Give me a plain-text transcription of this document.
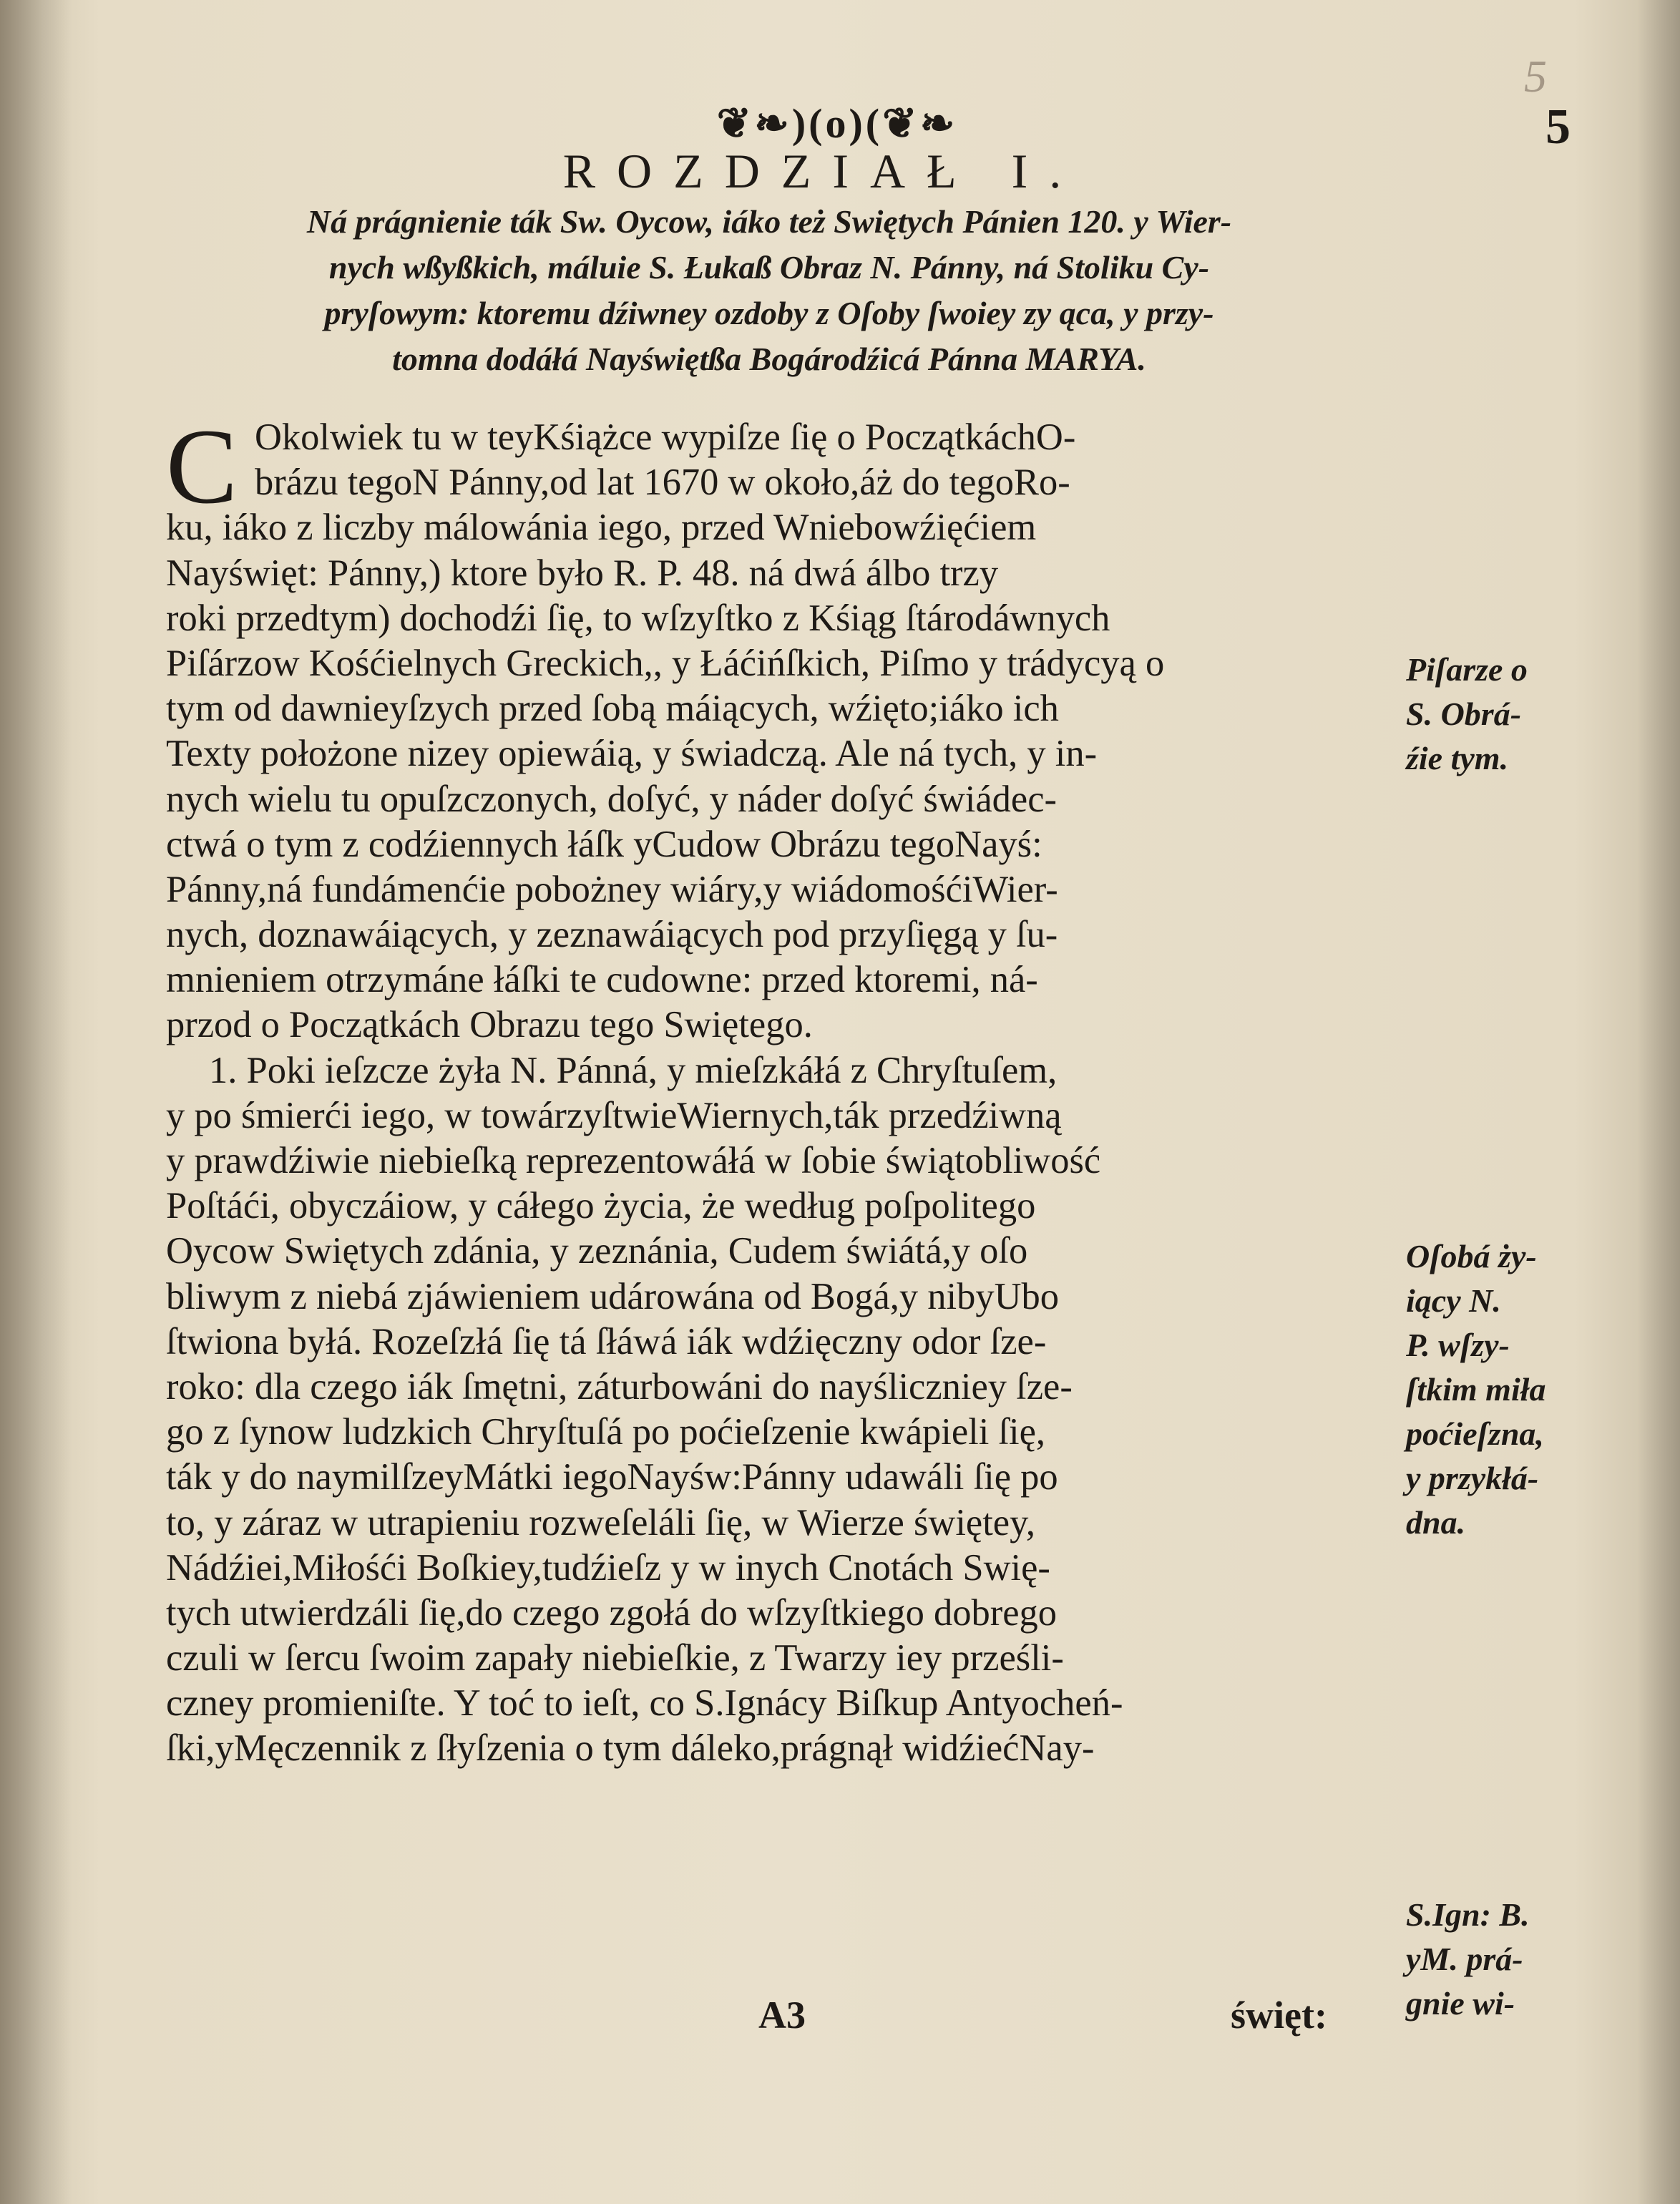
5
❦❧)(o)(❦❧	5
ROZDZIAŁ I.
Ná prágnienie ták Sw. Oycow, iáko też Swiętych Pánien 120. y Wier-
nych wßyßkich, máluie S. Łukaß Obraz N. Pánny, ná Stoliku Cy-
pryſowym: ktoremu dźiwney ozdoby z Oſoby ſwoiey zy ąca, y przy-
tomna dodáłá Nayświętßa Bogárodźicá Pánna MARYA.
C Okolwiek tu w teyKśiążce wypiſze ſię o PoczątkáchO-
brázu tegoN Pánny,od lat 1670 w około,áż do tegoRo-
ku, iáko z liczby málowánia iego, przed Wniebowźięćiem
Nayświęt: Pánny,) ktore było R. P. 48. ná dwá álbo trzy
roki przedtym) dochodźi ſię, to wſzyſtko z Kśiąg ſtárodáwnych
Piſárzow Kośćielnych Greckich,, y Łáćińſkich, Piſmo y trádycyą o
tym od dawnieyſzych przed ſobą máiących, wźięto;iáko ich
Texty położone nizey opiewáią, y świadczą. Ale ná tych, y in-
nych wielu tu opuſzczonych, doſyć, y náder doſyć świádec-
ctwá o tym z codźiennych łáſk yCudow Obrázu tegoNayś:
Pánny,ná fundámenćie pobożney wiáry,y wiádomośćiWier-
nych, doznawáiących, y zeznawáiących pod przyſięgą y ſu-
mnieniem otrzymáne łáſki te cudowne: przed ktoremi, ná-
przod o Początkách Obrazu tego Swiętego.
1. Poki ieſzcze żyła N. Pánná, y mieſzkáłá z Chryſtuſem,
y po śmierći iego, w towárzyſtwieWiernych,ták przedźiwną
y prawdźiwie niebieſką reprezentowáłá w ſobie świątobliwość
Poſtáći, obyczáiow, y cáłego życia, że według poſpolitego
Oycow Swiętych zdánia, y zeznánia, Cudem świátá,y oſo
bliwym z niebá zjáwieniem udárowána od Bogá,y nibyUbo
ſtwiona byłá. Rozeſzłá ſię tá ſłáwá iák wdźięczny odor ſze-
roko: dla czego iák ſmętni, záturbowáni do nayśliczniey ſze-
go z ſynow ludzkich Chryſtuſá po poćieſzenie kwápieli ſię,
ták y do naymilſzeyMátki iegoNayśw:Pánny udawáli ſię po
to, y záraz w utrapieniu rozweſeláli ſię, w Wierze świętey,
Nádźiei,Miłośći Boſkiey,tudźieſz y w inych Cnotách Swię-
tych utwierdzáli ſię,do czego zgołá do wſzyſtkiego dobrego
czuli w ſercu ſwoim zapały niebieſkie, z Twarzy iey prześli-
czney promieniſte. Y toć to ieſt, co S.Ignácy Biſkup Antyocheń-
ſki,yMęczennik z ſłyſzenia o tym dáleko,prágnął widźiećNay-
Piſarze o
S. Obrá-
źie tym.
Oſobá ży-
iący N.
P. wſzy-
ſtkim miła
poćieſzna,
y przykłá-
dna.
S.Ign: B.
yM. prá-
gnie wi-
A3	święt:
